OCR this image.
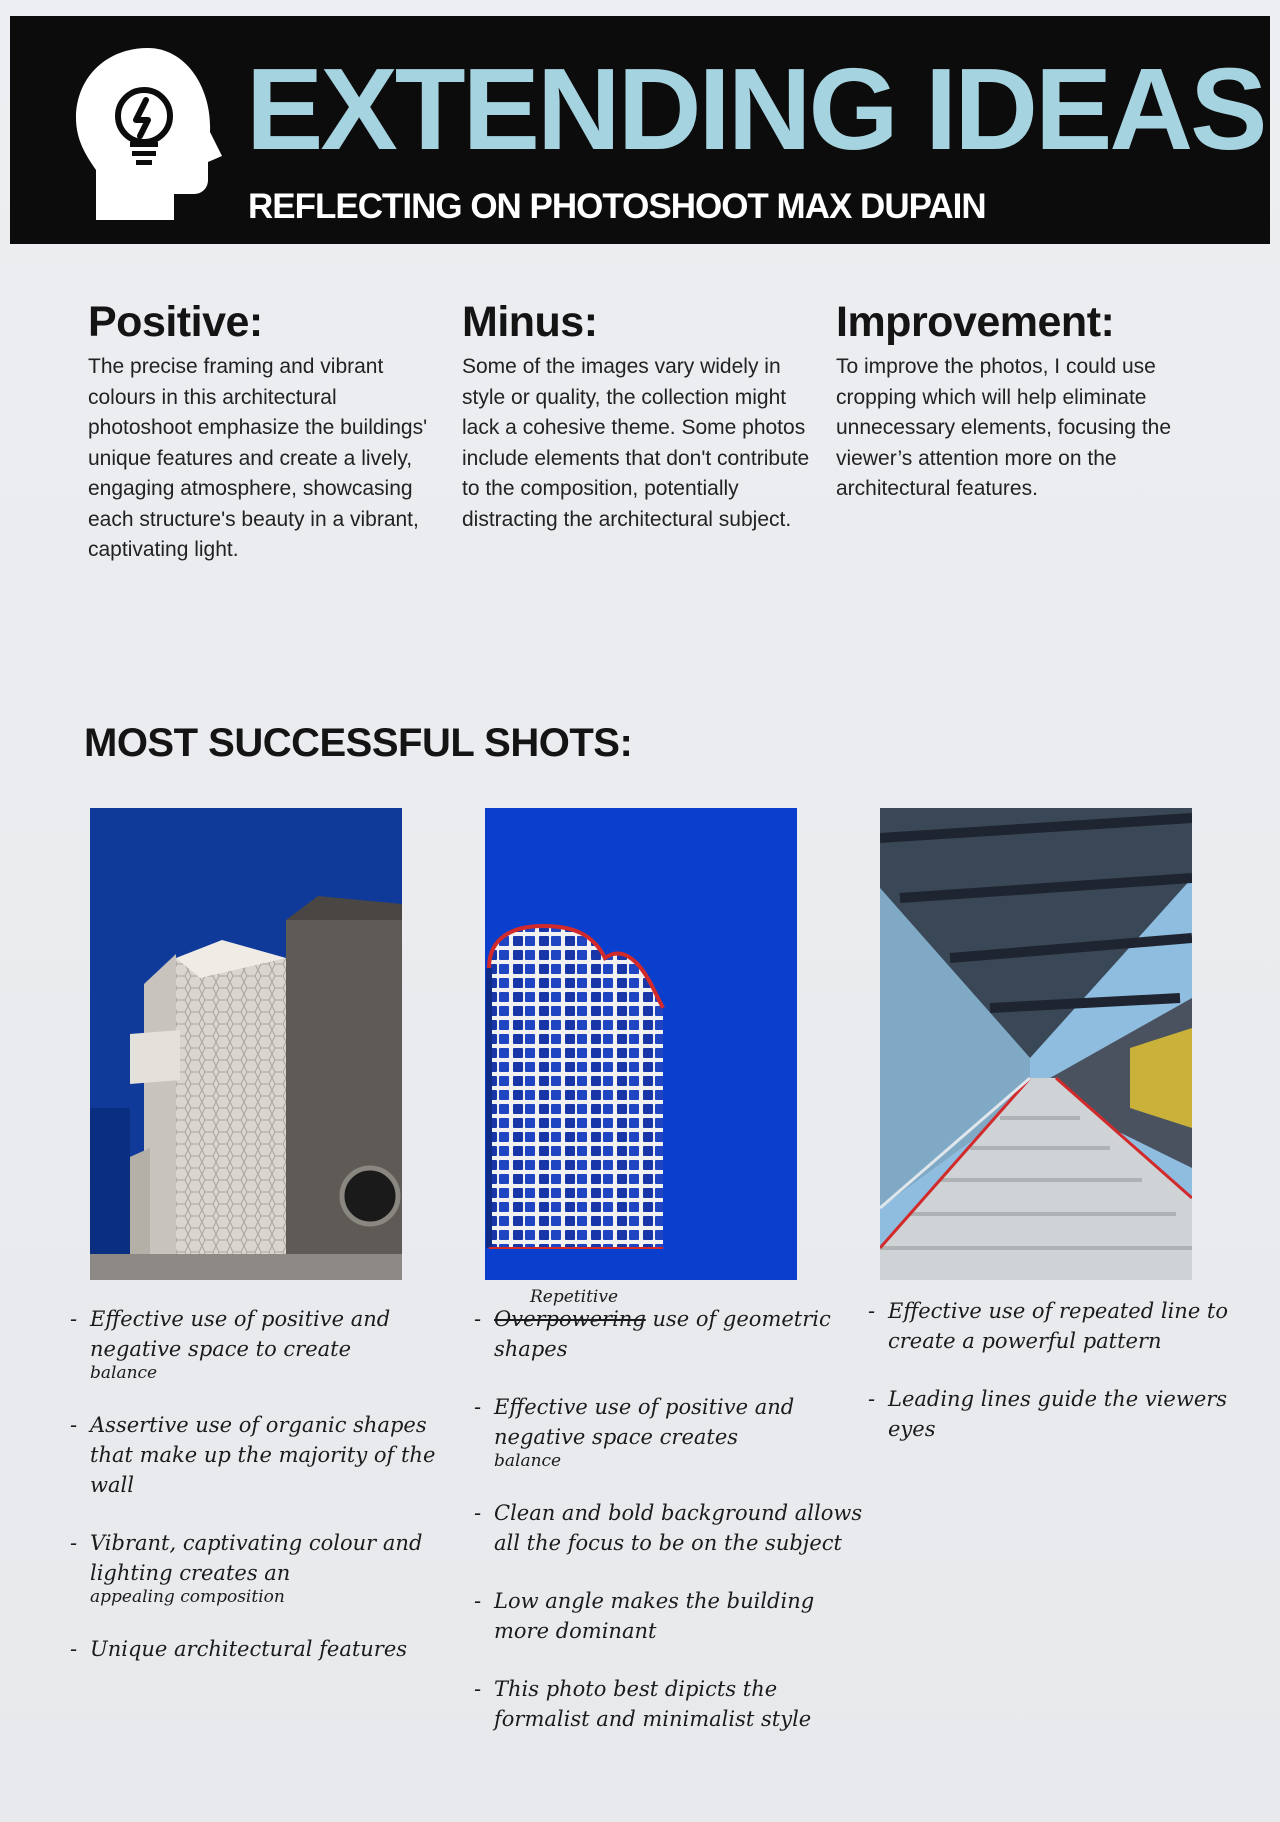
EXTENDING IDEAS
REFLECTING ON PHOTOSHOOT MAX DUPAIN
Positive:

The precise framing and vibrant colours in this architectural photoshoot emphasize the buildings' unique features and create a lively, engaging atmosphere, showcasing each structure's beauty in a vibrant, captivating light.

Minus:

Some of the images vary widely in style or quality, the collection might lack a cohesive theme. Some photos include elements that don't contribute to the composition, potentially distracting the architectural subject.

Improvement:

To improve the photos, I could use cropping which will help eliminate unnecessary elements, focusing the viewer’s attention more on the architectural features.

MOST SUCCESSFUL SHOTS:
- Effective use of positive and negative space to create
balance
- Assertive use of organic shapes that make up the majority of the wall
- Vibrant, captivating colour and lighting creates an
appealing composition
- Unique architectural features
- Repetitive
Overpowering use of geometric shapes
- Effective use of positive and negative space creates
balance
- Clean and bold background allows all the focus to be on the subject
- Low angle makes the building more dominant
- This photo best dipicts the formalist and minimalist style
- Effective use of repeated line to create a powerful pattern
- Leading lines guide the viewers eyes
